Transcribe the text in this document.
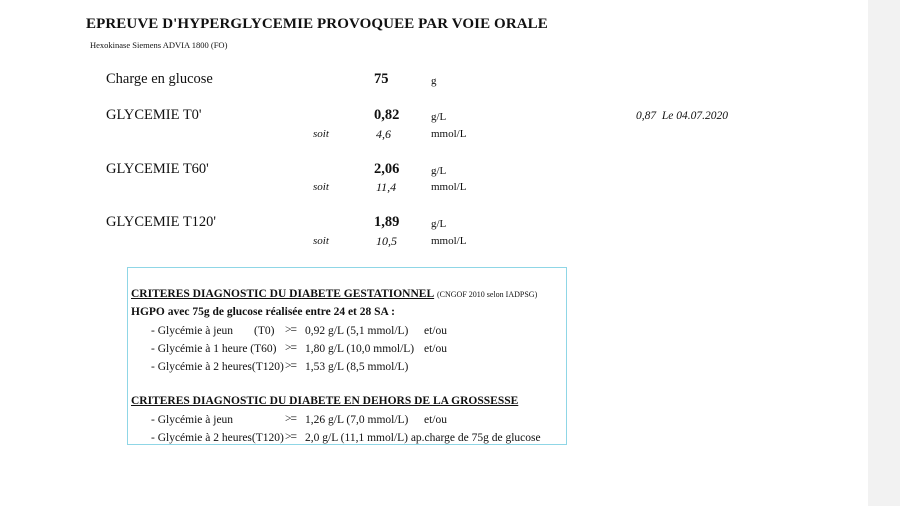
EPREUVE D'HYPERGLYCEMIE PROVOQUEE PAR VOIE ORALE
Hexokinase Siemens ADVIA 1800 (FO)
Charge en glucose	75	g
GLYCEMIE T0'	0,82	g/L	0,87 Le 04.07.2020
soit	4,6	mmol/L
GLYCEMIE T60'	2,06	g/L
soit	11,4	mmol/L
GLYCEMIE T120'	1,89	g/L
soit	10,5	mmol/L
CRITERES DIAGNOSTIC DU DIABETE GESTATIONNEL (CNGOF 2010 selon IADPSG)
HGPO avec 75g de glucose réalisée entre 24 et 28 SA :
- Glycémie à jeun (T0) >= 0,92 g/L (5,1 mmol/L) et/ou
- Glycémie à 1 heure (T60) >= 1,80 g/L (10,0 mmol/L) et/ou
- Glycémie à 2 heures(T120) >= 1,53 g/L (8,5 mmol/L)
CRITERES DIAGNOSTIC DU DIABETE EN DEHORS DE LA GROSSESSE
- Glycémie à jeun	>= 1,26 g/L (7,0 mmol/L) et/ou
- Glycémie à 2 heures(T120) >= 2,0 g/L (11,1 mmol/L) ap.charge de 75g de glucose
